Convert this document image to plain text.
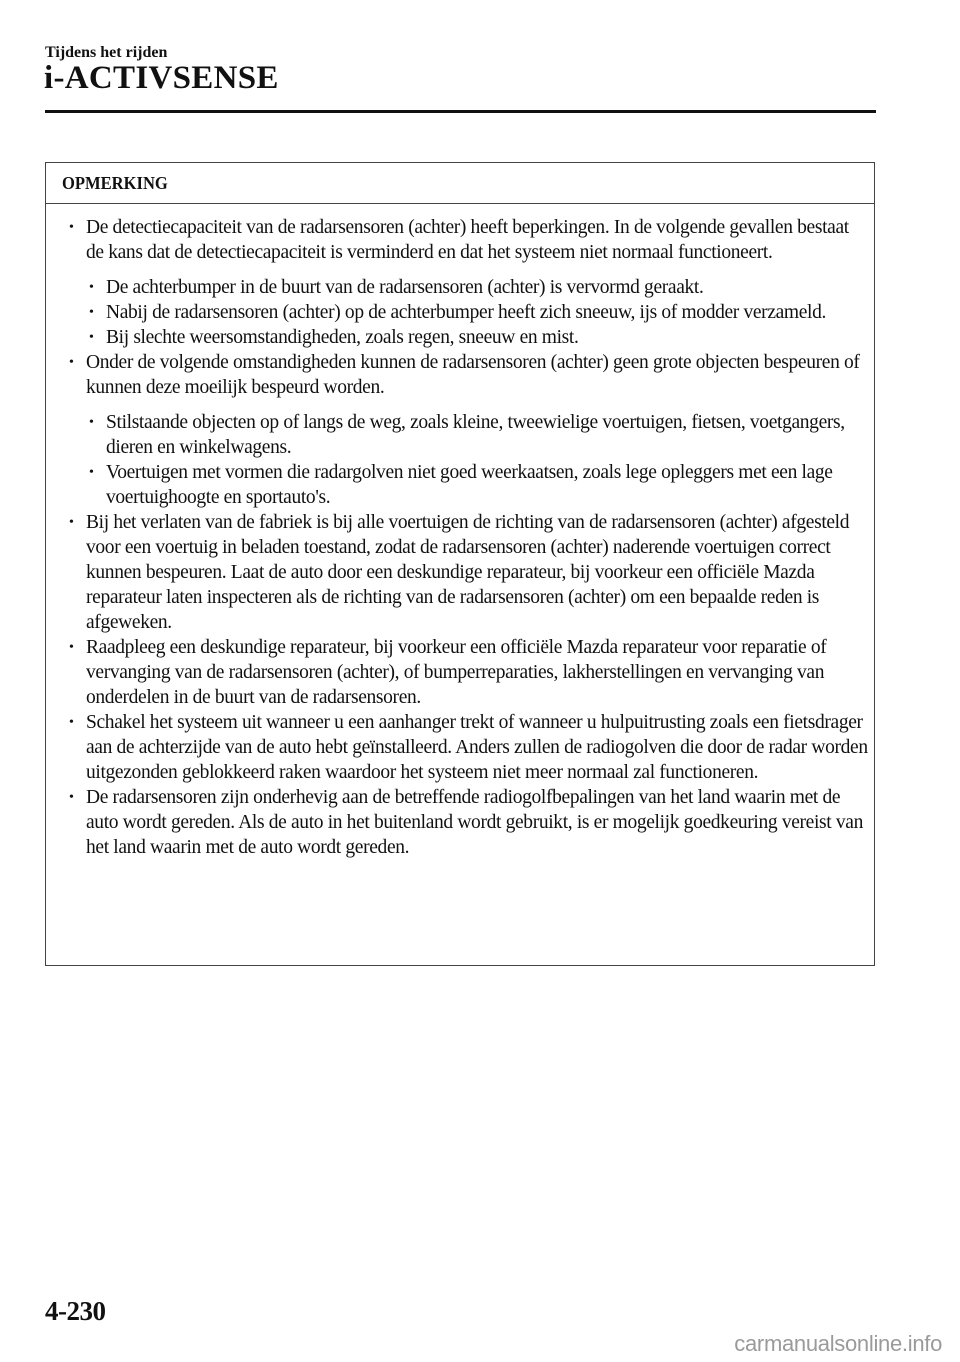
Tijdens het rijden
i-ACTIVSENSE
OPMERKING
• De detectiecapaciteit van de radarsensoren (achter) heeft beperkingen. In de volgende gevallen bestaat de kans dat de detectiecapaciteit is verminderd en dat het systeem niet normaal functioneert.
• De achterbumper in de buurt van de radarsensoren (achter) is vervormd geraakt.
• Nabij de radarsensoren (achter) op de achterbumper heeft zich sneeuw, ijs of modder verzameld.
• Bij slechte weersomstandigheden, zoals regen, sneeuw en mist.
• Onder de volgende omstandigheden kunnen de radarsensoren (achter) geen grote objecten bespeuren of kunnen deze moeilijk bespeurd worden.
• Stilstaande objecten op of langs de weg, zoals kleine, tweewielige voertuigen, fietsen, voetgangers, dieren en winkelwagens.
• Voertuigen met vormen die radargolven niet goed weerkaatsen, zoals lege opleggers met een lage voertuighoogte en sportauto's.
• Bij het verlaten van de fabriek is bij alle voertuigen de richting van de radarsensoren (achter) afgesteld voor een voertuig in beladen toestand, zodat de radarsensoren (achter) naderende voertuigen correct kunnen bespeuren. Laat de auto door een deskundige reparateur, bij voorkeur een officiële Mazda reparateur laten inspecteren als de richting van de radarsensoren (achter) om een bepaalde reden is afgeweken.
• Raadpleeg een deskundige reparateur, bij voorkeur een officiële Mazda reparateur voor reparatie of vervanging van de radarsensoren (achter), of bumperreparaties, lakherstellingen en vervanging van onderdelen in de buurt van de radarsensoren.
• Schakel het systeem uit wanneer u een aanhanger trekt of wanneer u hulpuitrusting zoals een fietsdrager aan de achterzijde van de auto hebt geïnstalleerd. Anders zullen de radiogolven die door de radar worden uitgezonden geblokkeerd raken waardoor het systeem niet meer normaal zal functioneren.
• De radarsensoren zijn onderhevig aan de betreffende radiogolfbepalingen van het land waarin met de auto wordt gereden. Als de auto in het buitenland wordt gebruikt, is er mogelijk goedkeuring vereist van het land waarin met de auto wordt gereden.
4-230
carmanualsonline.info
